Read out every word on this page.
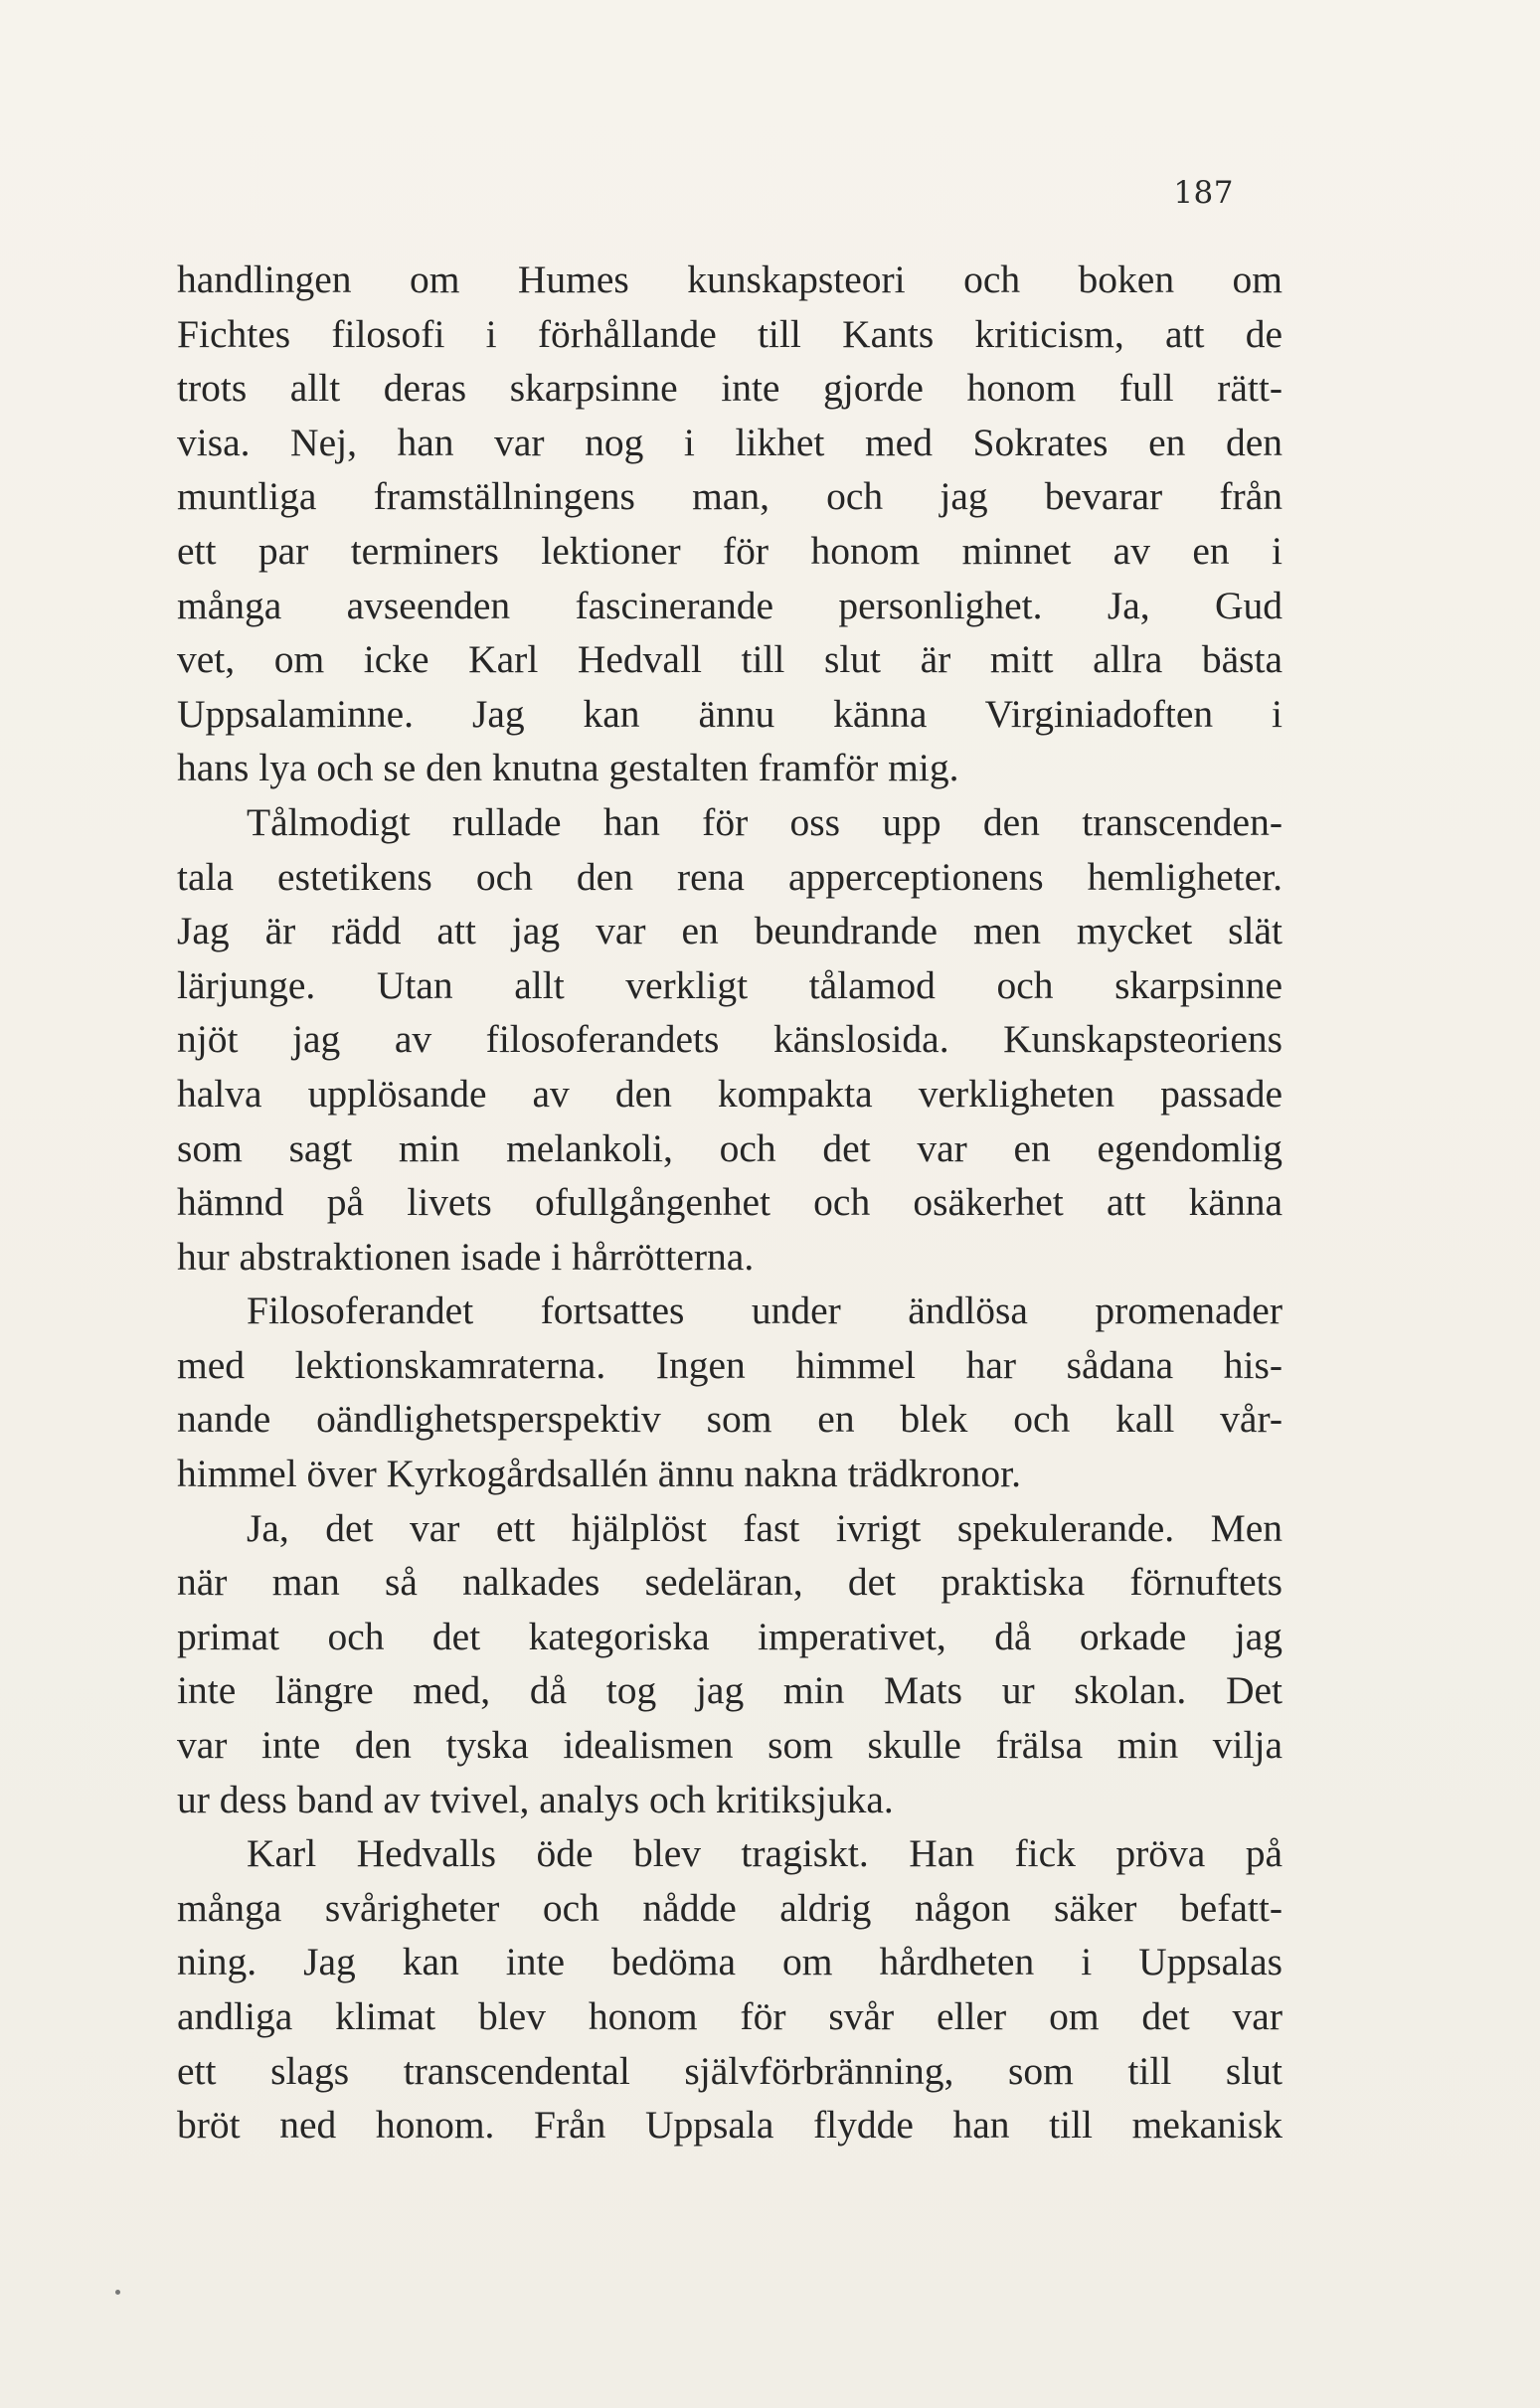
187
handlingen om Humes kunskapsteori och boken om
Fichtes filosofi i förhållande till Kants kriticism, att de
trots allt deras skarpsinne inte gjorde honom full rätt-
visa. Nej, han var nog i likhet med Sokrates en den
muntliga framställningens man, och jag bevarar från
ett par terminers lektioner för honom minnet av en i
många avseenden fascinerande personlighet. Ja, Gud
vet, om icke Karl Hedvall till slut är mitt allra bästa
Uppsalaminne. Jag kan ännu känna Virginiadoften i
hans lya och se den knutna gestalten framför mig.
Tålmodigt rullade han för oss upp den transcenden-
tala estetikens och den rena apperceptionens hemligheter.
Jag är rädd att jag var en beundrande men mycket slät
lärjunge. Utan allt verkligt tålamod och skarpsinne
njöt jag av filosoferandets känslosida. Kunskapsteoriens
halva upplösande av den kompakta verkligheten passade
som sagt min melankoli, och det var en egendomlig
hämnd på livets ofullgångenhet och osäkerhet att känna
hur abstraktionen isade i hårrötterna.
Filosoferandet fortsattes under ändlösa promenader
med lektionskamraterna. Ingen himmel har sådana his-
nande oändlighetsperspektiv som en blek och kall vår-
himmel över Kyrkogårdsallén ännu nakna trädkronor.
Ja, det var ett hjälplöst fast ivrigt spekulerande. Men
när man så nalkades sedeläran, det praktiska förnuftets
primat och det kategoriska imperativet, då orkade jag
inte längre med, då tog jag min Mats ur skolan. Det
var inte den tyska idealismen som skulle frälsa min vilja
ur dess band av tvivel, analys och kritiksjuka.
Karl Hedvalls öde blev tragiskt. Han fick pröva på
många svårigheter och nådde aldrig någon säker befatt-
ning. Jag kan inte bedöma om hårdheten i Uppsalas
andliga klimat blev honom för svår eller om det var
ett slags transcendental självförbränning, som till slut
bröt ned honom. Från Uppsala flydde han till mekanisk
